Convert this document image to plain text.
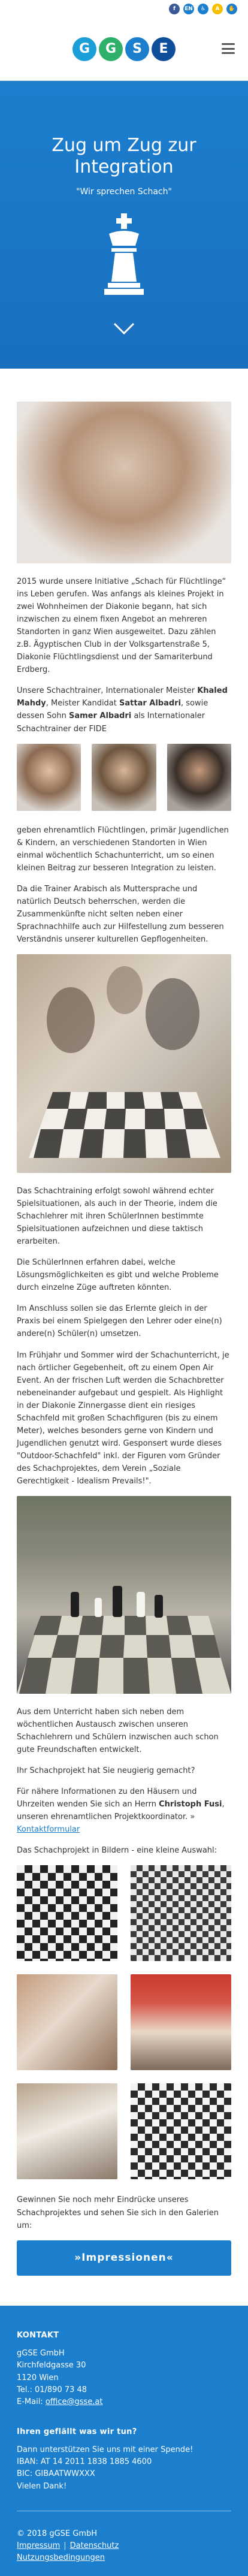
f	EN	♿	A	✋
G	G	S	E
Zug um Zug zur Integration
"Wir sprechen Schach"

2015 wurde unsere Initiative „Schach für Flüchtlinge“ ins Leben gerufen. Was anfangs als kleines Projekt in zwei Wohnheimen der Diakonie begann, hat sich inzwischen zu einem fixen Angebot an mehreren Standorten in ganz Wien ausgeweitet. Dazu zählen z.B. Ägyptischen Club in der Volksgartenstraße 5, Diakonie Flüchtlingsdienst und der Samariterbund Erdberg.

Unsere Schachtrainer, Internationaler Meister Khaled Mahdy, Meister Kandidat Sattar Albadri, sowie dessen Sohn Samer Albadri als Internationaler Schachtrainer der FIDE

geben ehrenamtlich Flüchtlingen, primär Jugendlichen & Kindern, an verschiedenen Standorten in Wien einmal wöchentlich Schachunterricht, um so einen kleinen Beitrag zur besseren Integration zu leisten.

Da die Trainer Arabisch als Muttersprache und natürlich Deutsch beherrschen, werden die Zusammenkünfte nicht selten neben einer Sprachnachhilfe auch zur Hilfestellung zum besseren Verständnis unserer kulturellen Gepflogenheiten.

Das Schachtraining erfolgt sowohl während echter Spielsituationen, als auch in der Theorie, indem die Schachlehrer mit ihren SchülerInnen bestimmte Spielsituationen aufzeichnen und diese taktisch erarbeiten.

Die SchülerInnen erfahren dabei, welche Lösungsmöglichkeiten es gibt und welche Probleme durch einzelne Züge auftreten könnten.

Im Anschluss sollen sie das Erlernte gleich in der Praxis bei einem Spielgegen den Lehrer oder eine(n) andere(n) Schüler(n) umsetzen.

Im Frühjahr und Sommer wird der Schachunterricht, je nach örtlicher Gegebenheit, oft zu einem Open Air Event. An der frischen Luft werden die Schachbretter nebeneinander aufgebaut und gespielt. Als Highlight in der Diakonie Zinnergasse dient ein riesiges Schachfeld mit großen Schachfiguren (bis zu einem Meter), welches besonders gerne von Kindern und Jugendlichen genutzt wird. Gesponsert wurde dieses "Outdoor-Schachfeld" inkl. der Figuren vom Gründer des Schachprojektes, dem Verein „Soziale Gerechtigkeit - Idealism Prevails!".

Aus dem Unterricht haben sich neben dem wöchentlichen Austausch zwischen unseren Schachlehrern und Schülern inzwischen auch schon gute Freundschaften entwickelt.

Ihr Schachprojekt hat Sie neugierig gemacht?

Für nähere Informationen zu den Häusern und Uhrzeiten wenden Sie sich an Herrn Christoph Fusi, unseren ehrenamtlichen Projektkoordinator. » Kontaktformular

Das Schachprojekt in Bildern - eine kleine Auswahl:

Gewinnen Sie noch mehr Eindrücke unseres Schachprojektes und sehen Sie sich in den Galerien um:

»Impressionen«
KONTAKT
gGSE GmbH
Kirchfeldgasse 30
1120 Wien
Tel.: 01/890 73 48
E-Mail: office@gsse.at
Ihren geflällt was wir tun?
Dann unterstützen Sie uns mit einer Spende!
IBAN: AT 14 2011 1838 1885 4600
BIC: GIBAATWWXXX
Vielen Dank!
© 2018 gGSE GmbH
Impressum | Datenschutz
Nutzungsbedingungen
